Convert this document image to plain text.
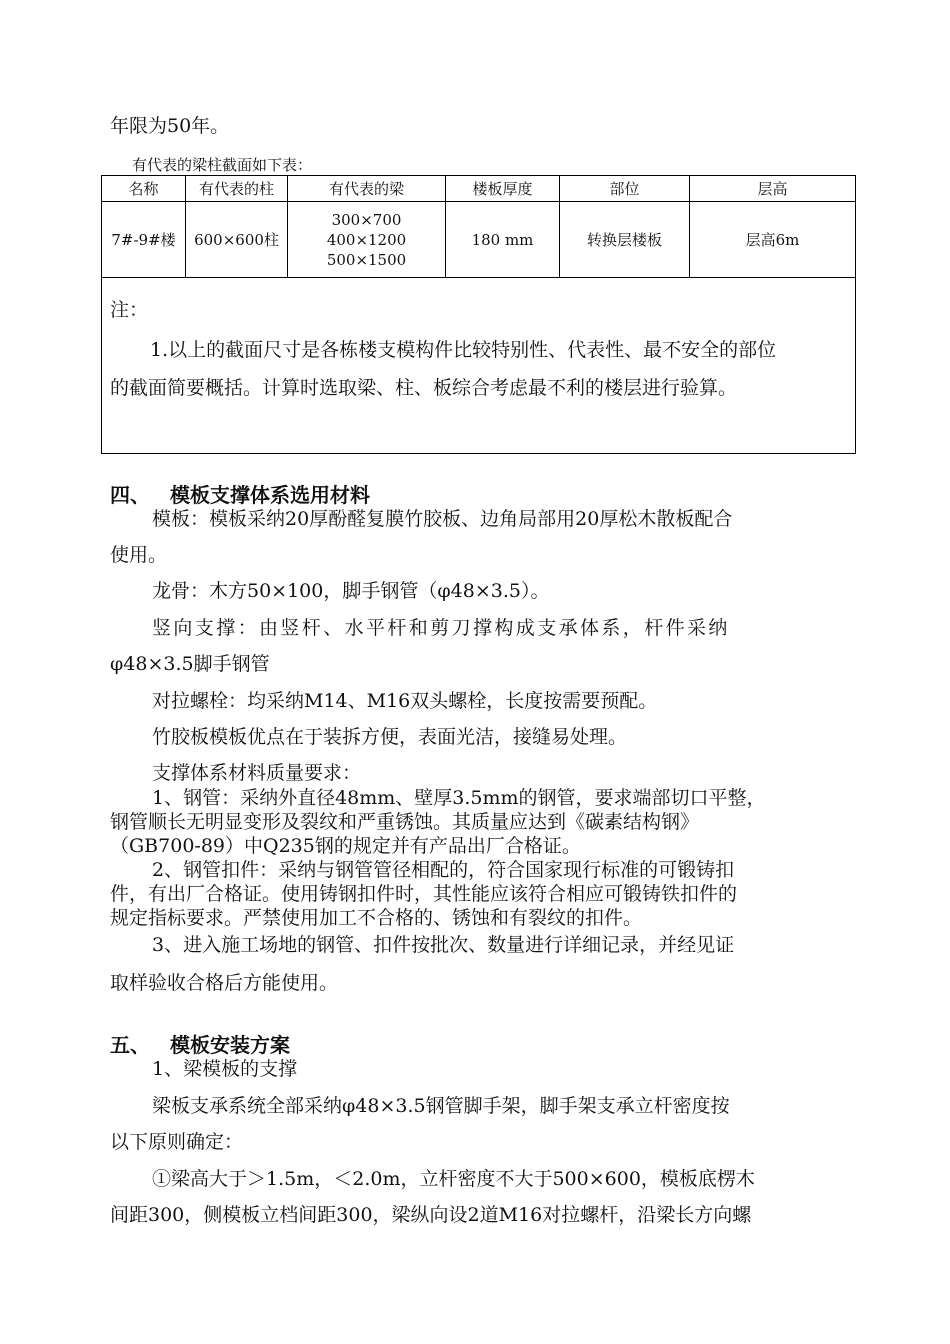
年限为50年。
有代表的梁柱截面如下表：
名称	有代表的柱	有代表的梁	楼板厚度	部位	层高
7#-9#楼	600×600柱	300×700
400×1200
500×1500	180 mm	转换层楼板	层高6m

注：
1.以上的截面尺寸是各栋楼支模构件比较特别性、代表性、最不安全的部位
的截面简要概括。计算时选取梁、柱、板综合考虑最不利的楼层进行验算。					
四、 模板支撑体系选用材料
模板：模板采纳20厚酚醛复膜竹胶板、边角局部用20厚松木散板配合
使用。
龙骨：木方50×100，脚手钢管（φ48×3.5）。
竖向支撑：由竖杆、水平杆和剪刀撑构成支承体系，杆件采纳
φ48×3.5脚手钢管
对拉螺栓：均采纳M14、M16双头螺栓，长度按需要预配。
竹胶板模板优点在于装拆方便，表面光洁，接缝易处理。
支撑体系材料质量要求：
1、钢管：采纳外直径48mm、壁厚3.5mm的钢管，要求端部切口平整，
钢管顺长无明显变形及裂纹和严重锈蚀。其质量应达到《碳素结构钢》
（GB700-89）中Q235钢的规定并有产品出厂合格证。
2、钢管扣件：采纳与钢管管径相配的，符合国家现行标准的可锻铸扣
件，有出厂合格证。使用铸钢扣件时，其性能应该符合相应可锻铸铁扣件的
规定指标要求。严禁使用加工不合格的、锈蚀和有裂纹的扣件。
3、进入施工场地的钢管、扣件按批次、数量进行详细记录，并经见证
取样验收合格后方能使用。
五、 模板安装方案
1、梁模板的支撑
梁板支承系统全部采纳φ48×3.5钢管脚手架，脚手架支承立杆密度按
以下原则确定：
①梁高大于＞1.5m，＜2.0m，立杆密度不大于500×600，模板底楞木
间距300，侧模板立档间距300，梁纵向设2道M16对拉螺杆，沿梁长方向螺
